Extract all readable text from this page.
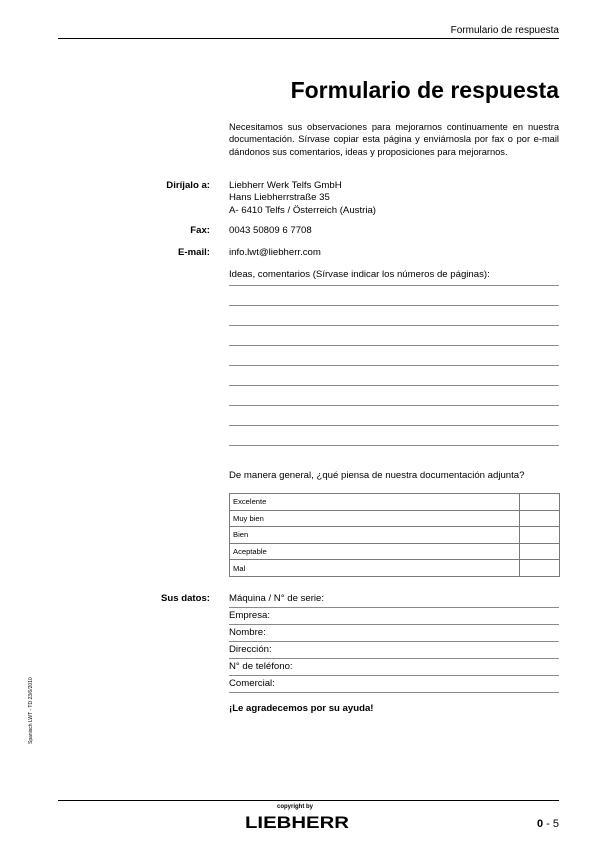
Formulario de respuesta
Formulario de respuesta
Necesitamos sus observaciones para mejorarnos continuamente en nuestra documentación. Sírvase copiar esta página y enviárnosla por fax o por e-mail dándonos sus comentarios, ideas y proposiciones para mejorarnos.
Diríjalo a: Liebherr Werk Telfs GmbH
Hans Liebherrstraße 35
A- 6410 Telfs / Österreich (Austria)
Fax: 0043 50809 6 7708
E-mail: info.lwt@liebherr.com
Ideas, comentarios (Sírvase indicar los números de páginas):
De manera general, ¿qué piensa de nuestra documentación adjunta?
Excelente	
Muy bien	
Bien	
Aceptable	
Mal	
Sus datos: Máquina / N° de serie:
Empresa:
Nombre:
Dirección:
N° de teléfono:
Comercial:
¡Le agradecemos por su ayuda!
Spanisch LWT - TD 23/6/2010
copyright by
LIEBHERR	0 - 5
